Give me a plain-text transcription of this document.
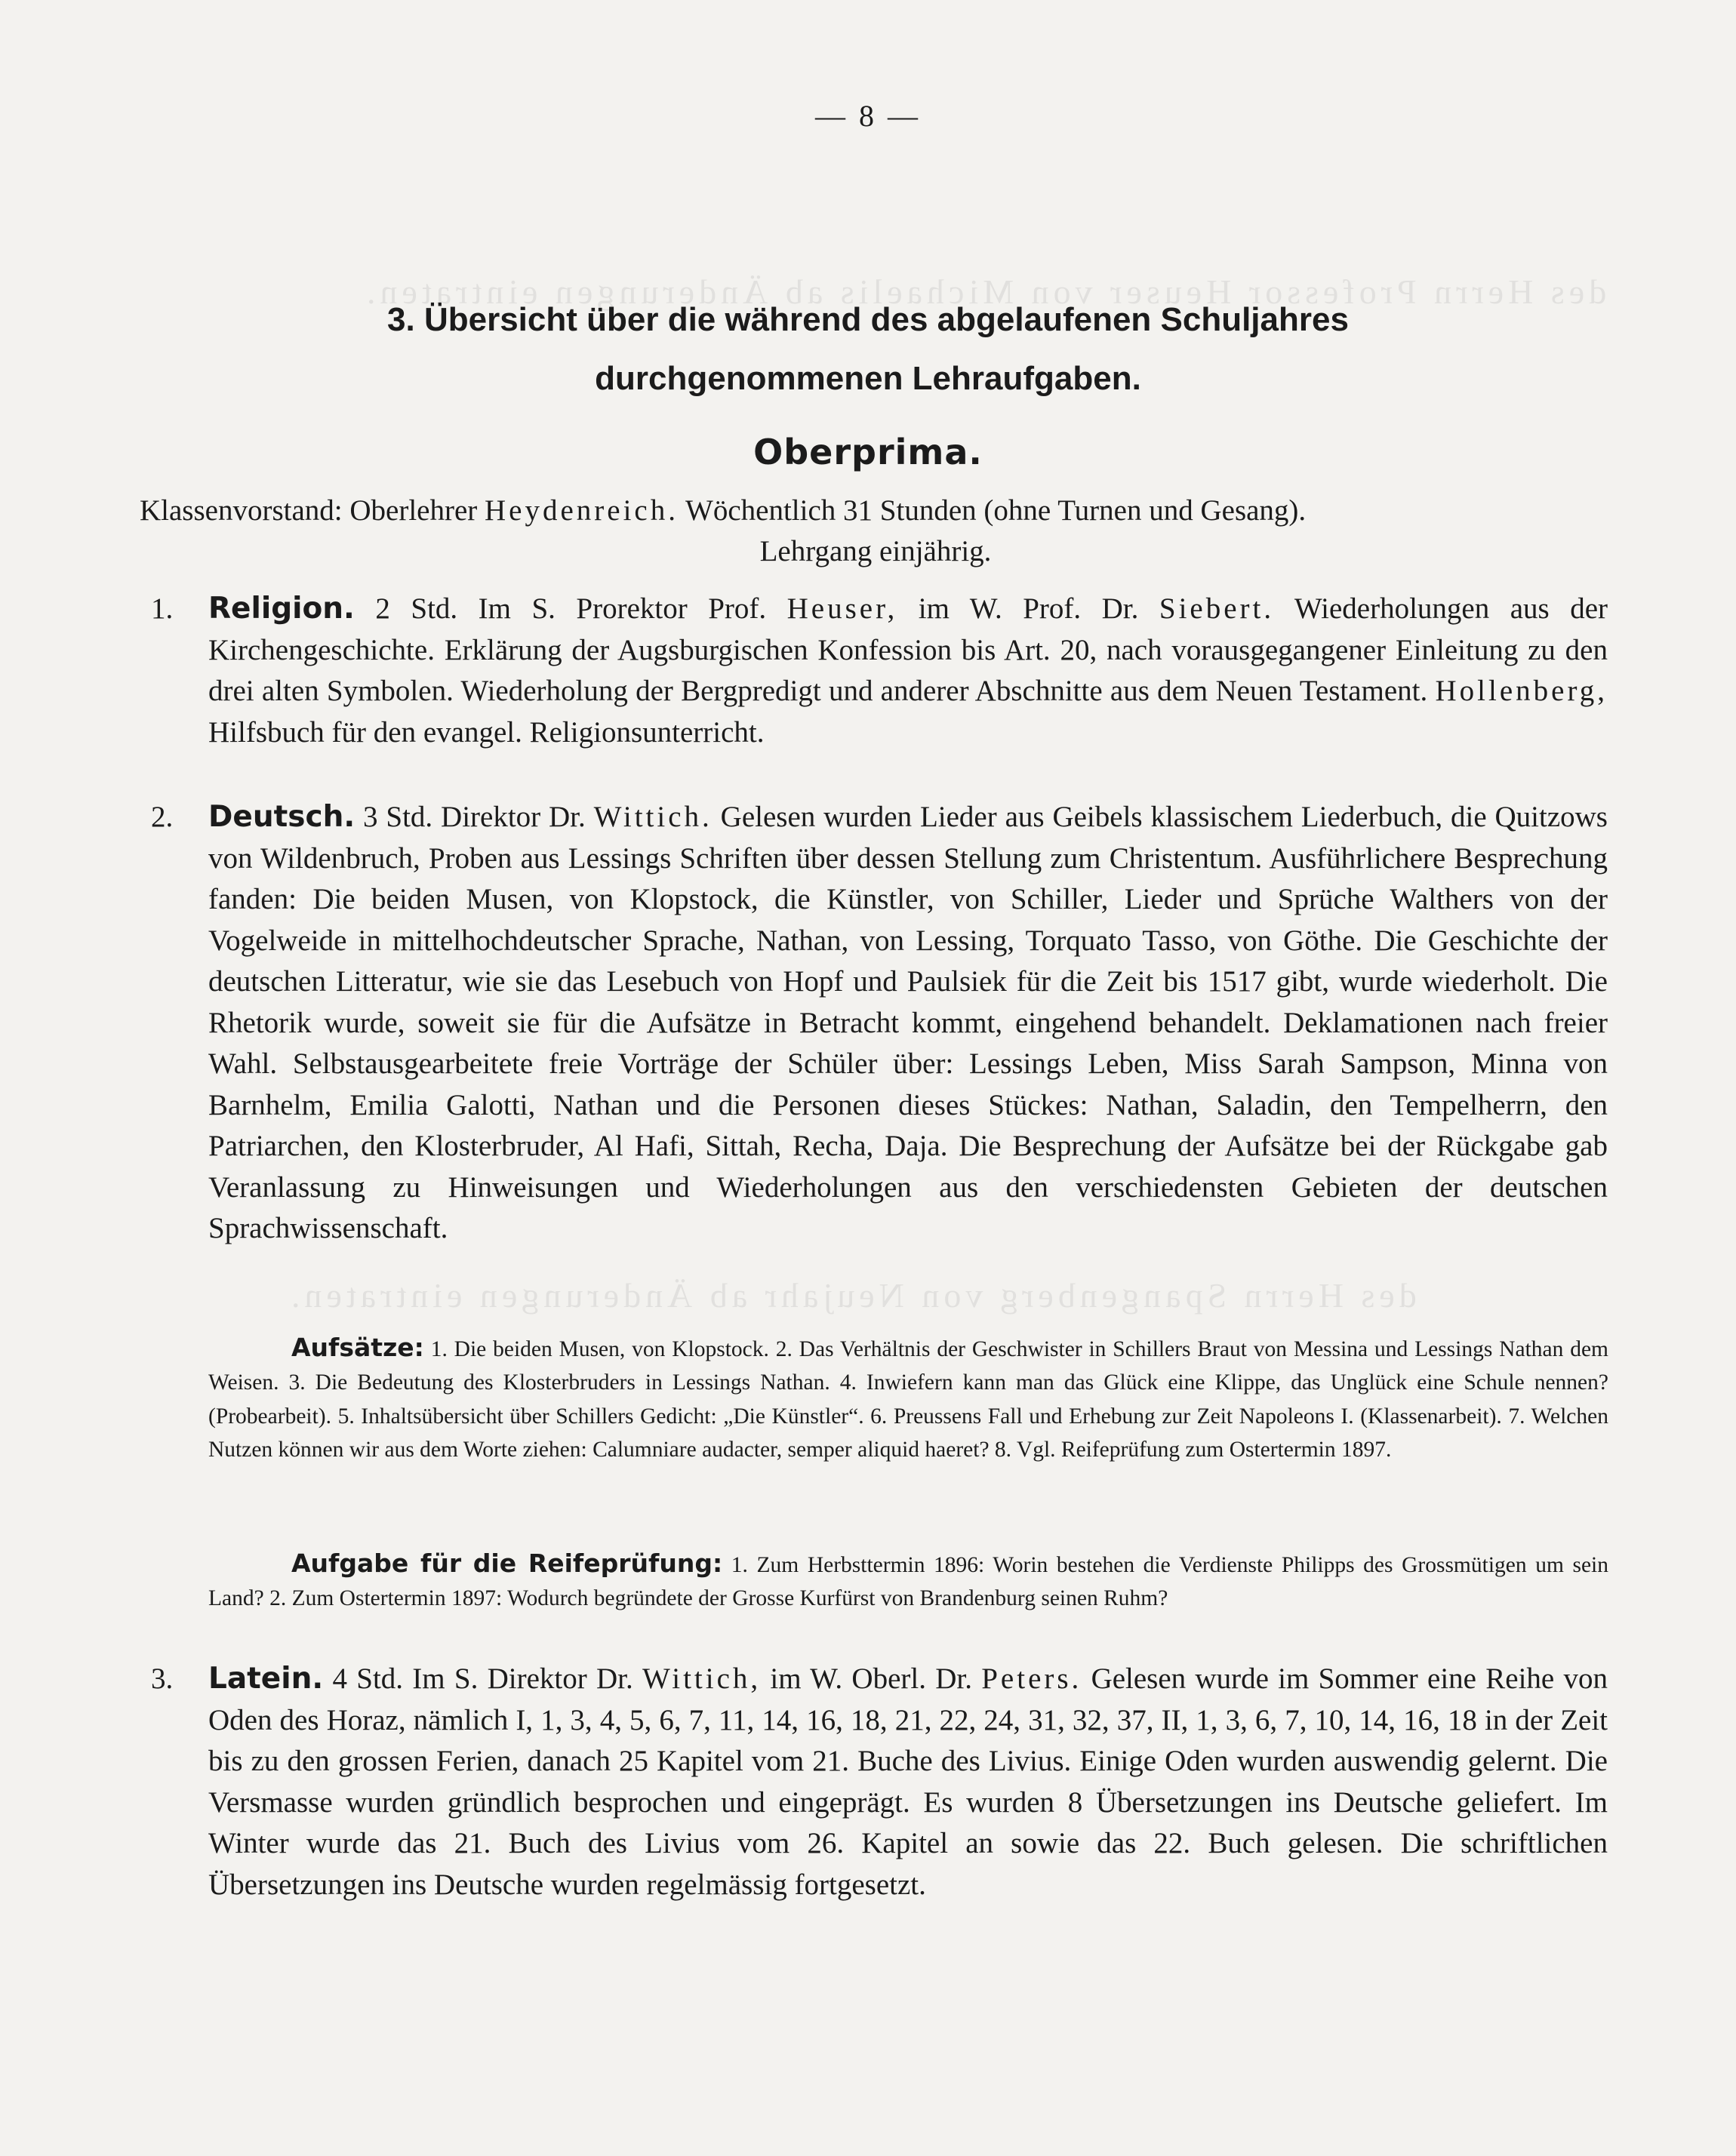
des Herrn Professor Heuser von Michaelis ab Änderungen eintraten.
des Herrn Spangenberg von Neujahr ab Änderungen eintraten.
— 8 —
3. Übersicht über die während des abgelaufenen Schuljahres
durchgenommenen Lehraufgaben.
Oberprima.
Klassenvorstand: Oberlehrer Heydenreich. Wöchentlich 31 Stunden (ohne Turnen und Gesang).
Lehrgang einjährig.
1.	Religion. 2 Std. Im S. Prorektor Prof. Heuser, im W. Prof. Dr. Siebert. Wiederholungen aus der Kirchengeschichte. Erklärung der Augsburgischen Konfession bis Art. 20, nach vorausgegangener Einleitung zu den drei alten Symbolen. Wiederholung der Bergpredigt und anderer Abschnitte aus dem Neuen Testament. Hollenberg, Hilfsbuch für den evangel. Religionsunterricht.
2.	Deutsch. 3 Std. Direktor Dr. Wittich. Gelesen wurden Lieder aus Geibels klassischem Liederbuch, die Quitzows von Wildenbruch, Proben aus Lessings Schriften über dessen Stellung zum Christentum. Ausführlichere Besprechung fanden: Die beiden Musen, von Klopstock, die Künstler, von Schiller, Lieder und Sprüche Walthers von der Vogelweide in mittelhochdeutscher Sprache, Nathan, von Lessing, Torquato Tasso, von Göthe. Die Geschichte der deutschen Litteratur, wie sie das Lesebuch von Hopf und Paulsiek für die Zeit bis 1517 gibt, wurde wiederholt. Die Rhetorik wurde, soweit sie für die Aufsätze in Betracht kommt, eingehend behandelt. Deklamationen nach freier Wahl. Selbstausgearbeitete freie Vorträge der Schüler über: Lessings Leben, Miss Sarah Sampson, Minna von Barnhelm, Emilia Galotti, Nathan und die Personen dieses Stückes: Nathan, Saladin, den Tempelherrn, den Patriarchen, den Klosterbruder, Al Hafi, Sittah, Recha, Daja. Die Besprechung der Aufsätze bei der Rückgabe gab Veranlassung zu Hinweisungen und Wiederholungen aus den verschiedensten Gebieten der deutschen Sprachwissenschaft.
Aufsätze: 1. Die beiden Musen, von Klopstock. 2. Das Verhältnis der Geschwister in Schillers Braut von Messina und Lessings Nathan dem Weisen. 3. Die Bedeutung des Klosterbruders in Lessings Nathan. 4. Inwiefern kann man das Glück eine Klippe, das Unglück eine Schule nennen? (Probearbeit). 5. Inhaltsübersicht über Schillers Gedicht: „Die Künstler“. 6. Preussens Fall und Erhebung zur Zeit Napoleons I. (Klassenarbeit). 7. Welchen Nutzen können wir aus dem Worte ziehen: Calumniare audacter, semper aliquid haeret? 8. Vgl. Reifeprüfung zum Ostertermin 1897.
Aufgabe für die Reifeprüfung: 1. Zum Herbsttermin 1896: Worin bestehen die Verdienste Philipps des Grossmütigen um sein Land? 2. Zum Ostertermin 1897: Wodurch begründete der Grosse Kurfürst von Brandenburg seinen Ruhm?
3.	Latein. 4 Std. Im S. Direktor Dr. Wittich, im W. Oberl. Dr. Peters. Gelesen wurde im Sommer eine Reihe von Oden des Horaz, nämlich I, 1, 3, 4, 5, 6, 7, 11, 14, 16, 18, 21, 22, 24, 31, 32, 37, II, 1, 3, 6, 7, 10, 14, 16, 18 in der Zeit bis zu den grossen Ferien, danach 25 Kapitel vom 21. Buche des Livius. Einige Oden wurden auswendig gelernt. Die Versmasse wurden gründlich besprochen und eingeprägt. Es wurden 8 Übersetzungen ins Deutsche geliefert. Im Winter wurde das 21. Buch des Livius vom 26. Kapitel an sowie das 22. Buch gelesen. Die schriftlichen Übersetzungen ins Deutsche wurden regelmässig fortgesetzt.
